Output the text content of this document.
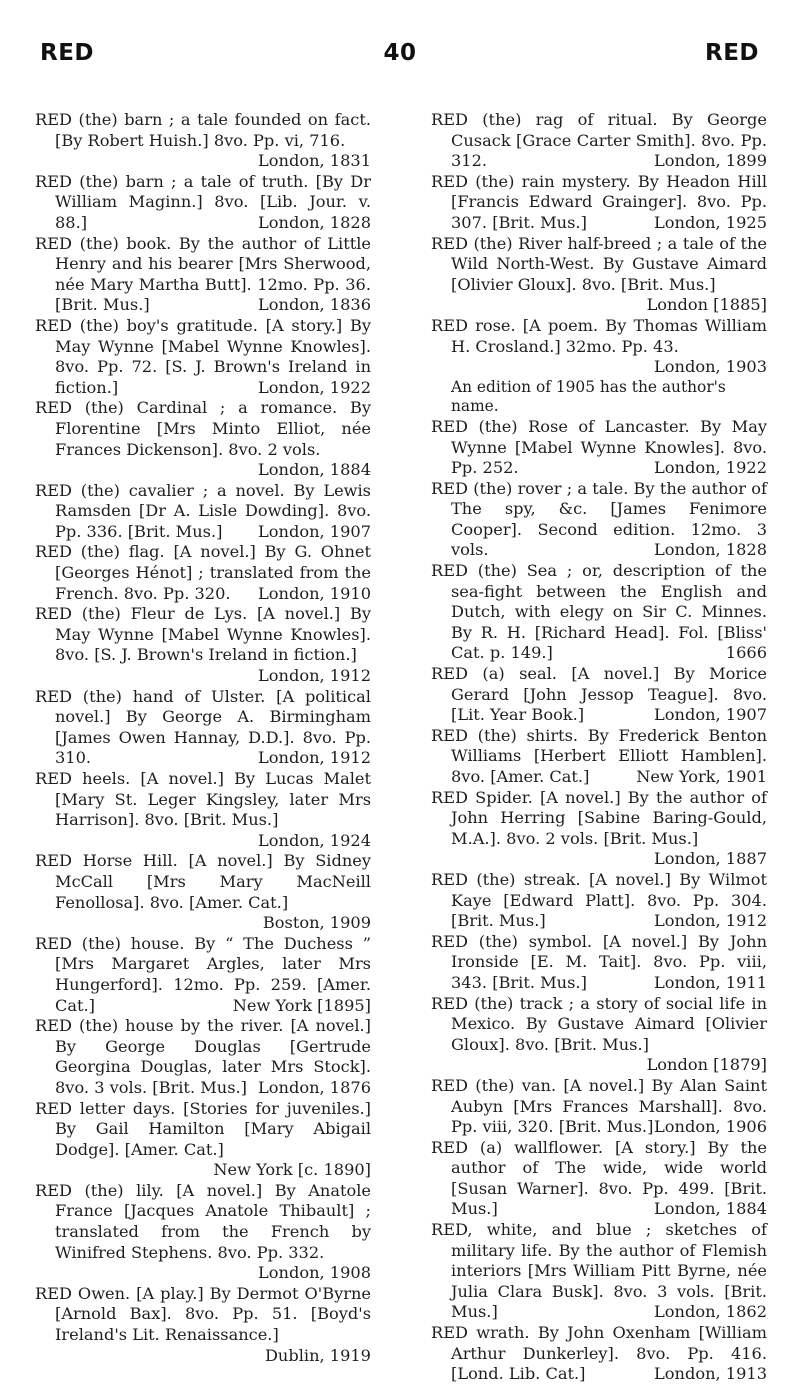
RED	40	RED
RED (the) barn ; a tale founded on fact. [By Robert Huish.] 8vo. Pp. vi, 716.
London, 1831
RED (the) barn ; a tale of truth. [By Dr William Maginn.] 8vo. [Lib. Jour. v. 88.]	London, 1828
RED (the) book. By the author of Little Henry and his bearer [Mrs Sherwood, née Mary Martha Butt]. 12mo. Pp. 36. [Brit. Mus.]	London, 1836
RED (the) boy's gratitude. [A story.] By May Wynne [Mabel Wynne Knowles]. 8vo. Pp. 72. [S. J. Brown's Ireland in fiction.]	London, 1922
RED (the) Cardinal ; a romance. By Florentine [Mrs Minto Elliot, née Frances Dickenson]. 8vo. 2 vols.
London, 1884
RED (the) cavalier ; a novel. By Lewis Ramsden [Dr A. Lisle Dowding]. 8vo. Pp. 336. [Brit. Mus.] London, 1907
RED (the) flag. [A novel.] By G. Ohnet [Georges Hénot] ; translated from the French. 8vo. Pp. 320. London, 1910
RED (the) Fleur de Lys. [A novel.] By May Wynne [Mabel Wynne Knowles]. 8vo. [S. J. Brown's Ireland in fiction.]
London, 1912
RED (the) hand of Ulster. [A political novel.] By George A. Birmingham [James Owen Hannay, D.D.]. 8vo. Pp. 310.	London, 1912
RED heels. [A novel.] By Lucas Malet [Mary St. Leger Kingsley, later Mrs Harrison]. 8vo. [Brit. Mus.]
London, 1924
RED Horse Hill. [A novel.] By Sidney McCall [Mrs Mary MacNeill Fenollosa]. 8vo. [Amer. Cat.]
Boston, 1909
RED (the) house. By “ The Duchess ” [Mrs Margaret Argles, later Mrs Hungerford]. 12mo. Pp. 259. [Amer. Cat.]	New York [1895]
RED (the) house by the river. [A novel.] By George Douglas [Gertrude Georgina Douglas, later Mrs Stock]. 8vo. 3 vols. [Brit. Mus.] London, 1876
RED letter days. [Stories for juveniles.] By Gail Hamilton [Mary Abigail Dodge]. [Amer. Cat.]
New York [c. 1890]
RED (the) lily. [A novel.] By Anatole France [Jacques Anatole Thibault] ; translated from the French by Winifred Stephens. 8vo. Pp. 332.
London, 1908
RED Owen. [A play.] By Dermot O'Byrne [Arnold Bax]. 8vo. Pp. 51. [Boyd's Ireland's Lit. Renaissance.]
Dublin, 1919
RED (the) rag of ritual. By George Cusack [Grace Carter Smith]. 8vo. Pp. 312.	London, 1899
RED (the) rain mystery. By Headon Hill [Francis Edward Grainger]. 8vo. Pp. 307. [Brit. Mus.]	London, 1925
RED (the) River half-breed ; a tale of the Wild North-West. By Gustave Aimard [Olivier Gloux]. 8vo. [Brit. Mus.]
London [1885]
RED rose. [A poem. By Thomas William H. Crosland.] 32mo. Pp. 43.
London, 1903
An edition of 1905 has the author's name.
RED (the) Rose of Lancaster. By May Wynne [Mabel Wynne Knowles]. 8vo. Pp. 252.	London, 1922
RED (the) rover ; a tale. By the author of The spy, &c. [James Fenimore Cooper]. Second edition. 12mo. 3 vols.	London, 1828
RED (the) Sea ; or, description of the sea-fight between the English and Dutch, with elegy on Sir C. Minnes. By R. H. [Richard Head]. Fol. [Bliss' Cat. p. 149.]	1666
RED (a) seal. [A novel.] By Morice Gerard [John Jessop Teague]. 8vo. [Lit. Year Book.]	London, 1907
RED (the) shirts. By Frederick Benton Williams [Herbert Elliott Hamblen]. 8vo. [Amer. Cat.]	New York, 1901
RED Spider. [A novel.] By the author of John Herring [Sabine Baring-Gould, M.A.]. 8vo. 2 vols. [Brit. Mus.]
London, 1887
RED (the) streak. [A novel.] By Wilmot Kaye [Edward Platt]. 8vo. Pp. 304. [Brit. Mus.]	London, 1912
RED (the) symbol. [A novel.] By John Ironside [E. M. Tait]. 8vo. Pp. viii, 343. [Brit. Mus.]	London, 1911
RED (the) track ; a story of social life in Mexico. By Gustave Aimard [Olivier Gloux]. 8vo. [Brit. Mus.]
London [1879]
RED (the) van. [A novel.] By Alan Saint Aubyn [Mrs Frances Marshall]. 8vo. Pp. viii, 320. [Brit. Mus.] London, 1906
RED (a) wallflower. [A story.] By the author of The wide, wide world [Susan Warner]. 8vo. Pp. 499. [Brit. Mus.]	London, 1884
RED, white, and blue ; sketches of military life. By the author of Flemish interiors [Mrs William Pitt Byrne, née Julia Clara Busk]. 8vo. 3 vols. [Brit. Mus.]	London, 1862
RED wrath. By John Oxenham [William Arthur Dunkerley]. 8vo. Pp. 416. [Lond. Lib. Cat.]	London, 1913
